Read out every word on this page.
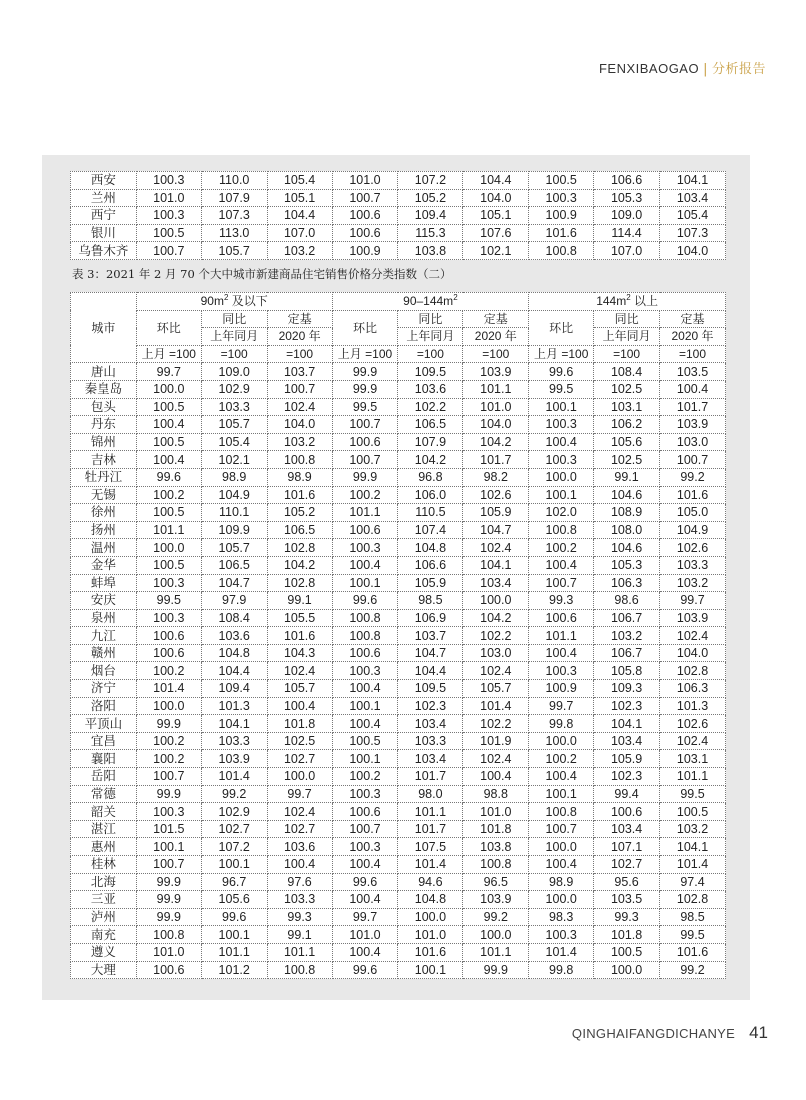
FENXIBAOGAO | 分析报告
西安	100.3	110.0	105.4	101.0	107.2	104.4	100.5	106.6	104.1
兰州	101.0	107.9	105.1	100.7	105.2	104.0	100.3	105.3	103.4
西宁	100.3	107.3	104.4	100.6	109.4	105.1	100.9	109.0	105.4
银川	100.5	113.0	107.0	100.6	115.3	107.6	101.6	114.4	107.3
乌鲁木齐	100.7	105.7	103.2	100.9	103.8	102.1	100.8	107.0	104.0
表 3：2021 年 2 月 70 个大中城市新建商品住宅销售价格分类指数（二）
城市	$90m^2$ 及以下			$90-144m^2$			$144m^2$ 以上		
	环比	同比	定基	环比	同比	定基	环比	同比	定基
		上年同月	2020 年		上年同月	2020 年		上年同月	2020 年
	上月 =100	=100	=100	上月 =100	=100	=100	上月 =100	=100	=100
唐山	99.7	109.0	103.7	99.9	109.5	103.9	99.6	108.4	103.5
秦皇岛	100.0	102.9	100.7	99.9	103.6	101.1	99.5	102.5	100.4
包头	100.5	103.3	102.4	99.5	102.2	101.0	100.1	103.1	101.7
丹东	100.4	105.7	104.0	100.7	106.5	104.0	100.3	106.2	103.9
锦州	100.5	105.4	103.2	100.6	107.9	104.2	100.4	105.6	103.0
吉林	100.4	102.1	100.8	100.7	104.2	101.7	100.3	102.5	100.7
牡丹江	99.6	98.9	98.9	99.9	96.8	98.2	100.0	99.1	99.2
无锡	100.2	104.9	101.6	100.2	106.0	102.6	100.1	104.6	101.6
徐州	100.5	110.1	105.2	101.1	110.5	105.9	102.0	108.9	105.0
扬州	101.1	109.9	106.5	100.6	107.4	104.7	100.8	108.0	104.9
温州	100.0	105.7	102.8	100.3	104.8	102.4	100.2	104.6	102.6
金华	100.5	106.5	104.2	100.4	106.6	104.1	100.4	105.3	103.3
蚌埠	100.3	104.7	102.8	100.1	105.9	103.4	100.7	106.3	103.2
安庆	99.5	97.9	99.1	99.6	98.5	100.0	99.3	98.6	99.7
泉州	100.3	108.4	105.5	100.8	106.9	104.2	100.6	106.7	103.9
九江	100.6	103.6	101.6	100.8	103.7	102.2	101.1	103.2	102.4
赣州	100.6	104.8	104.3	100.6	104.7	103.0	100.4	106.7	104.0
烟台	100.2	104.4	102.4	100.3	104.4	102.4	100.3	105.8	102.8
济宁	101.4	109.4	105.7	100.4	109.5	105.7	100.9	109.3	106.3
洛阳	100.0	101.3	100.4	100.1	102.3	101.4	99.7	102.3	101.3
平顶山	99.9	104.1	101.8	100.4	103.4	102.2	99.8	104.1	102.6
宜昌	100.2	103.3	102.5	100.5	103.3	101.9	100.0	103.4	102.4
襄阳	100.2	103.9	102.7	100.1	103.4	102.4	100.2	105.9	103.1
岳阳	100.7	101.4	100.0	100.2	101.7	100.4	100.4	102.3	101.1
常德	99.9	99.2	99.7	100.3	98.0	98.8	100.1	99.4	99.5
韶关	100.3	102.9	102.4	100.6	101.1	101.0	100.8	100.6	100.5
湛江	101.5	102.7	102.7	100.7	101.7	101.8	100.7	103.4	103.2
惠州	100.1	107.2	103.6	100.3	107.5	103.8	100.0	107.1	104.1
桂林	100.7	100.1	100.4	100.4	101.4	100.8	100.4	102.7	101.4
北海	99.9	96.7	97.6	99.6	94.6	96.5	98.9	95.6	97.4
三亚	99.9	105.6	103.3	100.4	104.8	103.9	100.0	103.5	102.8
泸州	99.9	99.6	99.3	99.7	100.0	99.2	98.3	99.3	98.5
南充	100.8	100.1	99.1	101.0	101.0	100.0	100.3	101.8	99.5
遵义	101.0	101.1	101.1	100.4	101.6	101.1	101.4	100.5	101.6
大理	100.6	101.2	100.8	99.6	100.1	99.9	99.8	100.0	99.2
QINGHAIFANGDICHANYE 41
